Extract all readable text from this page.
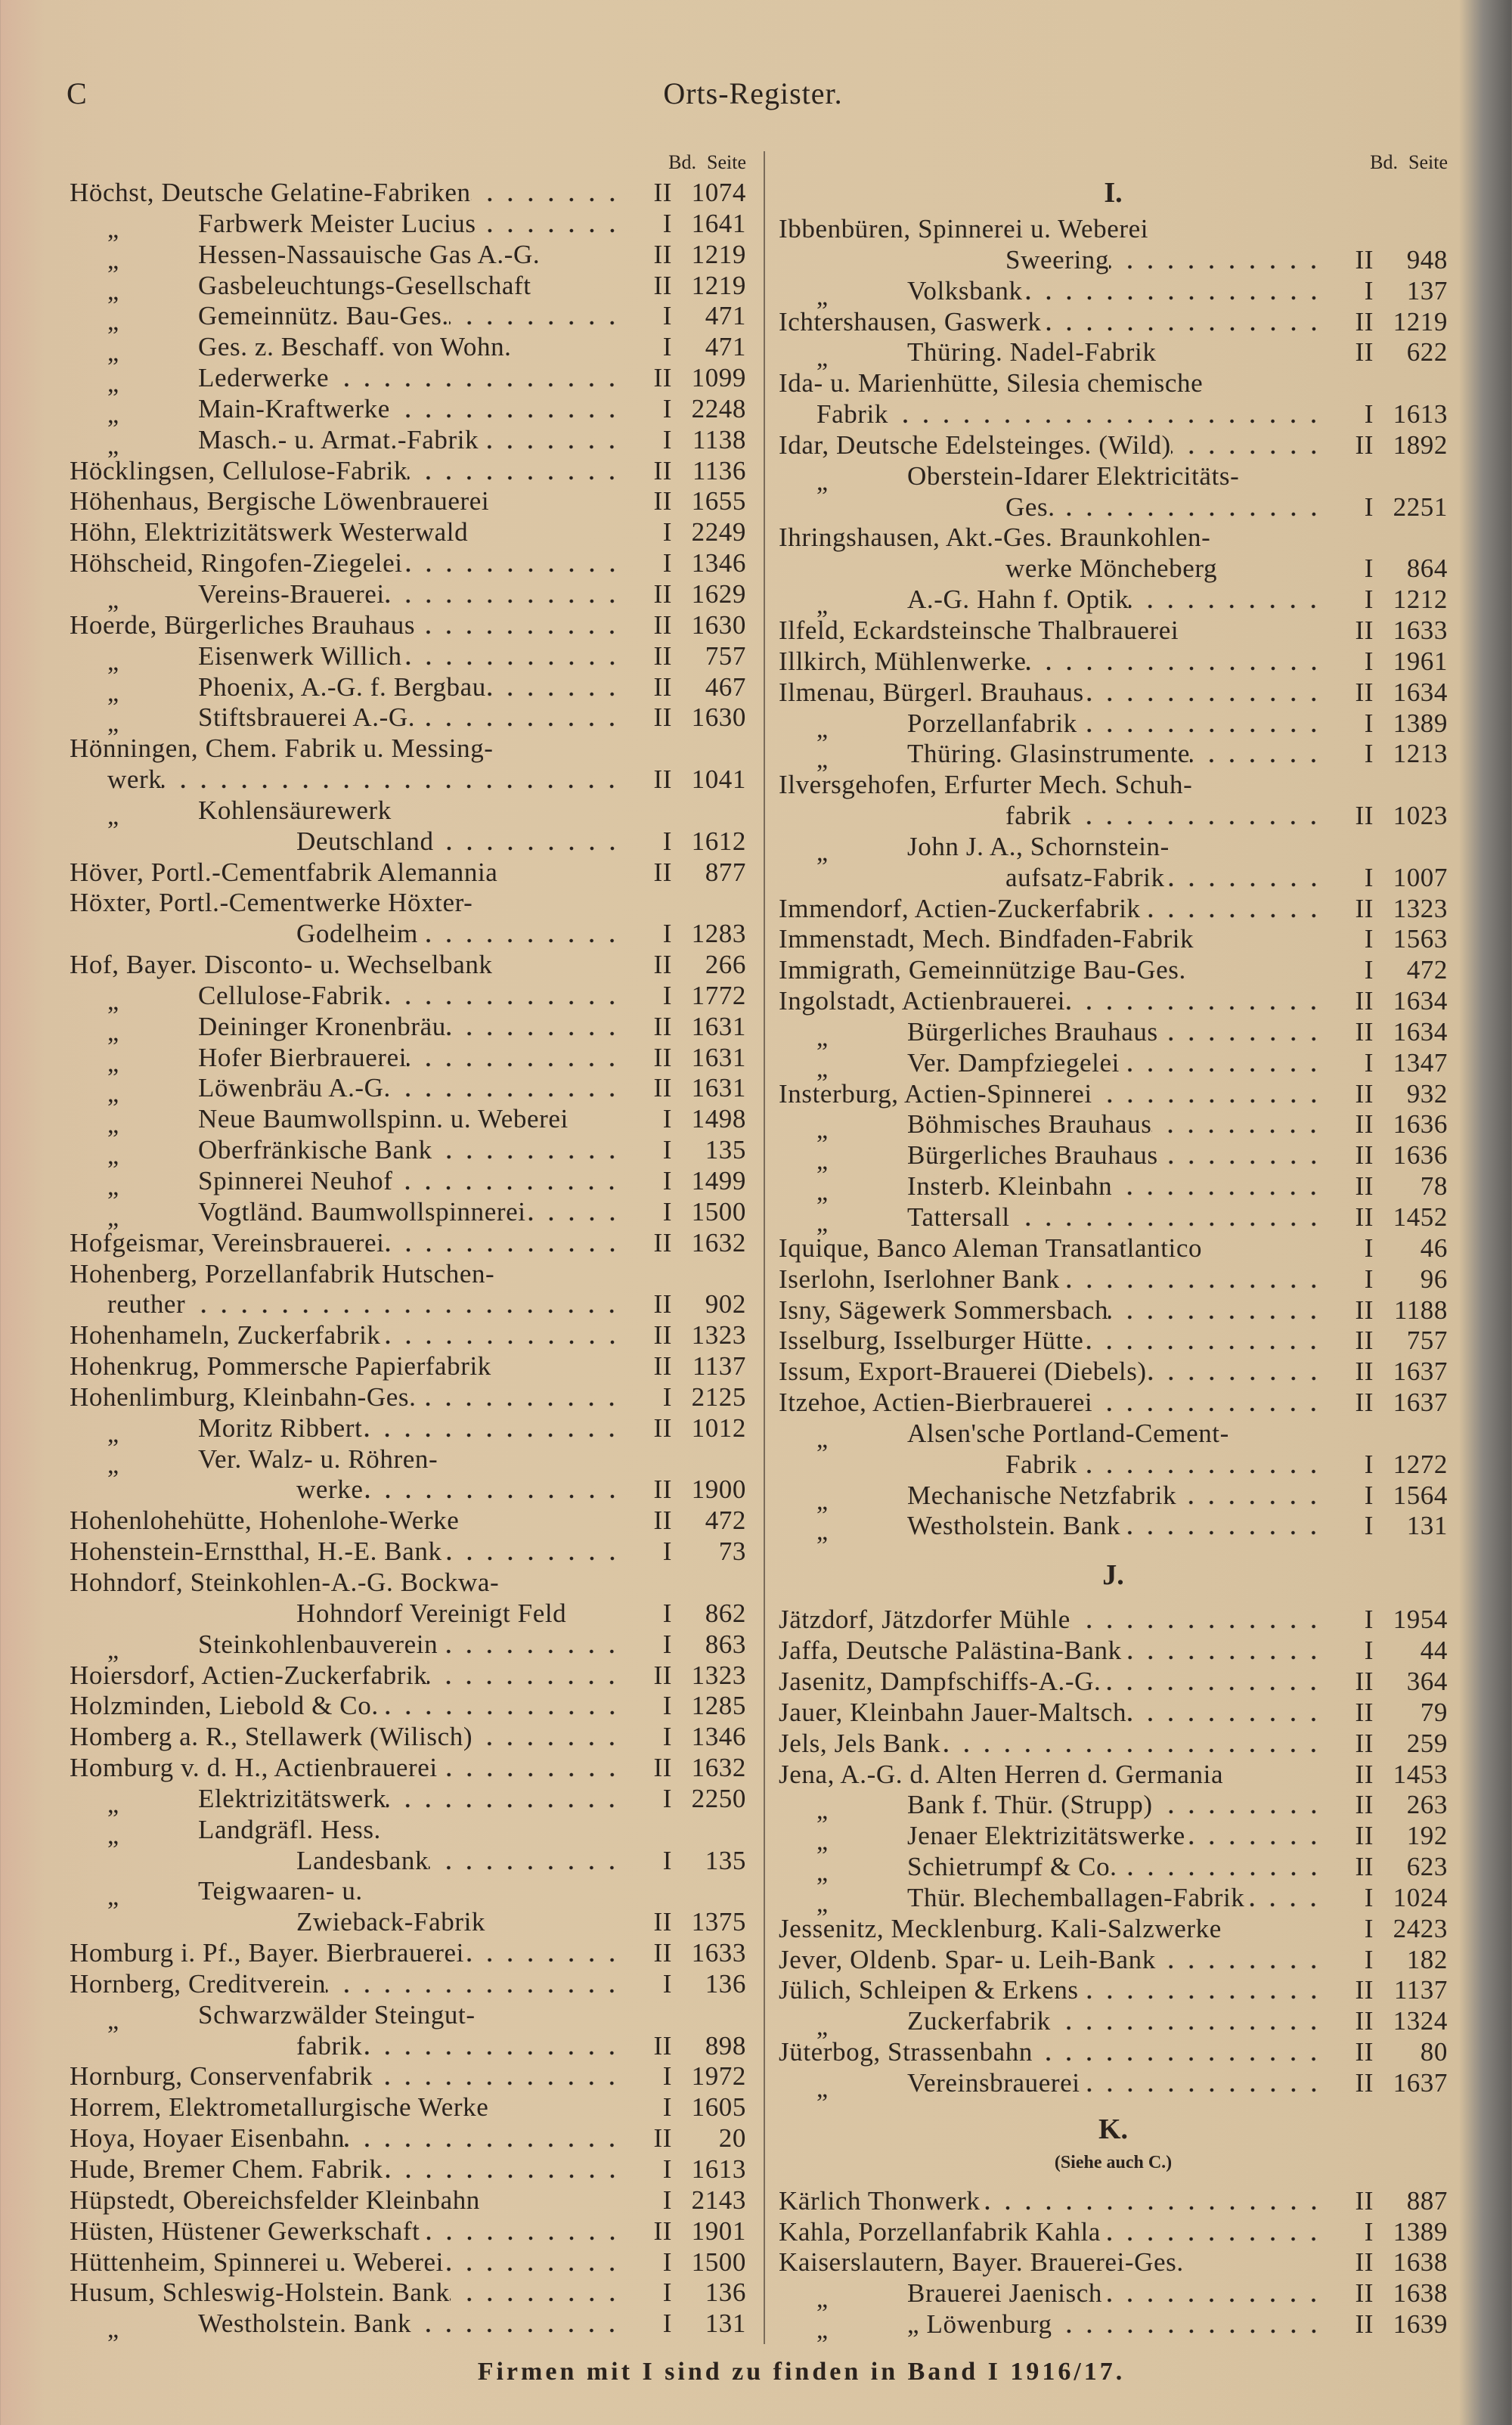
C	Orts-Register.
Bd. Seite
Höchst, Deutsche Gelatine-Fabriken	II 1074
„	Farbwerk Meister Lucius	I 1641
„	Hessen-Nassauische Gas A.-G.	II 1219
„	Gasbeleuchtungs-Gesellschaft	II 1219
„	Gemeinnütz. Bau-Ges.	I	471
„	Ges. z. Beschaff. von Wohn.	I	471
„	Lederwerke	II 1099
„	Main-Kraftwerke	I 2248
„	Masch.- u. Armat.-Fabrik	I 1138
Höcklingsen, Cellulose-Fabrik	II 1136
Höhenhaus, Bergische Löwenbrauerei	II 1655
Höhn, Elektrizitätswerk Westerwald	I 2249
Höhscheid, Ringofen-Ziegelei	I 1346
„	Vereins-Brauerei	II 1629
Hoerde, Bürgerliches Brauhaus	II 1630
„	Eisenwerk Willich	II	757
„	Phoenix, A.-G. f. Bergbau	II	467
„	Stiftsbrauerei A.-G.	II 1630
Hönningen, Chem. Fabrik u. Messing-
werk	II 1041
„	Kohlensäurewerk
Deutschland	I 1612
Höver, Portl.-Cementfabrik Alemannia	II	877
Höxter, Portl.-Cementwerke Höxter-
Godelheim	I 1283
Hof, Bayer. Disconto- u. Wechselbank	II	266
„	Cellulose-Fabrik	I 1772
„	Deininger Kronenbräu	II 1631
„	Hofer Bierbrauerei	II 1631
„	Löwenbräu A.-G.	II 1631
„	Neue Baumwollspinn. u. Weberei	I 1498
„	Oberfränkische Bank	I	135
„	Spinnerei Neuhof	I 1499
„	Vogtländ. Baumwollspinnerei	I 1500
Hofgeismar, Vereinsbrauerei	II 1632
Hohenberg, Porzellanfabrik Hutschen-
reuther	II	902
Hohenhameln, Zuckerfabrik	II 1323
Hohenkrug, Pommersche Papierfabrik	II 1137
Hohenlimburg, Kleinbahn-Ges.	I 2125
„	Moritz Ribbert	II 1012
„	Ver. Walz- u. Röhren-
werke	II 1900
Hohenlohehütte, Hohenlohe-Werke	II	472
Hohenstein-Ernstthal, H.-E. Bank	I	73
Hohndorf, Steinkohlen-A.-G. Bockwa-
Hohndorf Vereinigt Feld	I	862
„	Steinkohlenbauverein	I	863
Hoiersdorf, Actien-Zuckerfabrik	II 1323
Holzminden, Liebold & Co.	I 1285
Homberg a. R., Stellawerk (Wilisch)	I 1346
Homburg v. d. H., Actienbrauerei	II 1632
„	Elektrizitätswerk	I 2250
„	Landgräfl. Hess.
Landesbank	I	135
„	Teigwaaren- u.
Zwieback-Fabrik	II 1375
Homburg i. Pf., Bayer. Bierbrauerei	II 1633
Hornberg, Creditverein	I	136
„	Schwarzwälder Steingut-
fabrik	II	898
Hornburg, Conservenfabrik	I 1972
Horrem, Elektrometallurgische Werke	I 1605
Hoya, Hoyaer Eisenbahn	II	20
Hude, Bremer Chem. Fabrik	I 1613
Hüpstedt, Obereichsfelder Kleinbahn	I 2143
Hüsten, Hüstener Gewerkschaft	II 1901
Hüttenheim, Spinnerei u. Weberei	I 1500
Husum, Schleswig-Holstein. Bank	I	136
„	Westholstein. Bank	I	131
Bd. Seite
I.
Ibbenbüren, Spinnerei u. Weberei
Sweering	II	948
„	Volksbank	I	137
Ichtershausen, Gaswerk	II 1219
„	Thüring. Nadel-Fabrik	II	622
Ida- u. Marienhütte, Silesia chemische
Fabrik	I 1613
Idar, Deutsche Edelsteinges. (Wild)	II 1892
„	Oberstein-Idarer Elektricitäts-
Ges.	I 2251
Ihringshausen, Akt.-Ges. Braunkohlen-
werke Möncheberg	I	864
„	A.-G. Hahn f. Optik	I 1212
Ilfeld, Eckardsteinsche Thalbrauerei	II 1633
Illkirch, Mühlenwerke	I 1961
Ilmenau, Bürgerl. Brauhaus	II 1634
„	Porzellanfabrik	I 1389
„	Thüring. Glasinstrumente	I 1213
Ilversgehofen, Erfurter Mech. Schuh-
fabrik	II 1023
„	John J. A., Schornstein-
aufsatz-Fabrik	I 1007
Immendorf, Actien-Zuckerfabrik	II 1323
Immenstadt, Mech. Bindfaden-Fabrik	I 1563
Immigrath, Gemeinnützige Bau-Ges.	I	472
Ingolstadt, Actienbrauerei	II 1634
„	Bürgerliches Brauhaus	II 1634
„	Ver. Dampfziegelei	I 1347
Insterburg, Actien-Spinnerei	II	932
„	Böhmisches Brauhaus	II 1636
„	Bürgerliches Brauhaus	II 1636
„	Insterb. Kleinbahn	II	78
„	Tattersall	II 1452
Iquique, Banco Aleman Transatlantico	I	46
Iserlohn, Iserlohner Bank	I	96
Isny, Sägewerk Sommersbach	II 1188
Isselburg, Isselburger Hütte	II	757
Issum, Export-Brauerei (Diebels)	II 1637
Itzehoe, Actien-Bierbrauerei	II 1637
„	Alsen'sche Portland-Cement-
Fabrik	I 1272
„	Mechanische Netzfabrik	I 1564
„	Westholstein. Bank	I	131
J.
Jätzdorf, Jätzdorfer Mühle	I 1954
Jaffa, Deutsche Palästina-Bank	I	44
Jasenitz, Dampfschiffs-A.-G.	II	364
Jauer, Kleinbahn Jauer-Maltsch	II	79
Jels, Jels Bank	II	259
Jena, A.-G. d. Alten Herren d. Germania	II 1453
„	Bank f. Thür. (Strupp)	II	263
„	Jenaer Elektrizitätswerke	II	192
„	Schietrumpf & Co.	II	623
„	Thür. Blechemballagen-Fabrik	I 1024
Jessenitz, Mecklenburg. Kali-Salzwerke	I 2423
Jever, Oldenb. Spar- u. Leih-Bank	I	182
Jülich, Schleipen & Erkens	II 1137
„	Zuckerfabrik	II 1324
Jüterbog, Strassenbahn	II	80
„	Vereinsbrauerei	II 1637
K.
(Siehe auch C.)
Kärlich Thonwerk	II	887
Kahla, Porzellanfabrik Kahla	I 1389
Kaiserslautern, Bayer. Brauerei-Ges.	II 1638
„	Brauerei Jaenisch	II 1638
„	„ Löwenburg	II 1639
Firmen mit I sind zu finden in Band I 1916/17.
